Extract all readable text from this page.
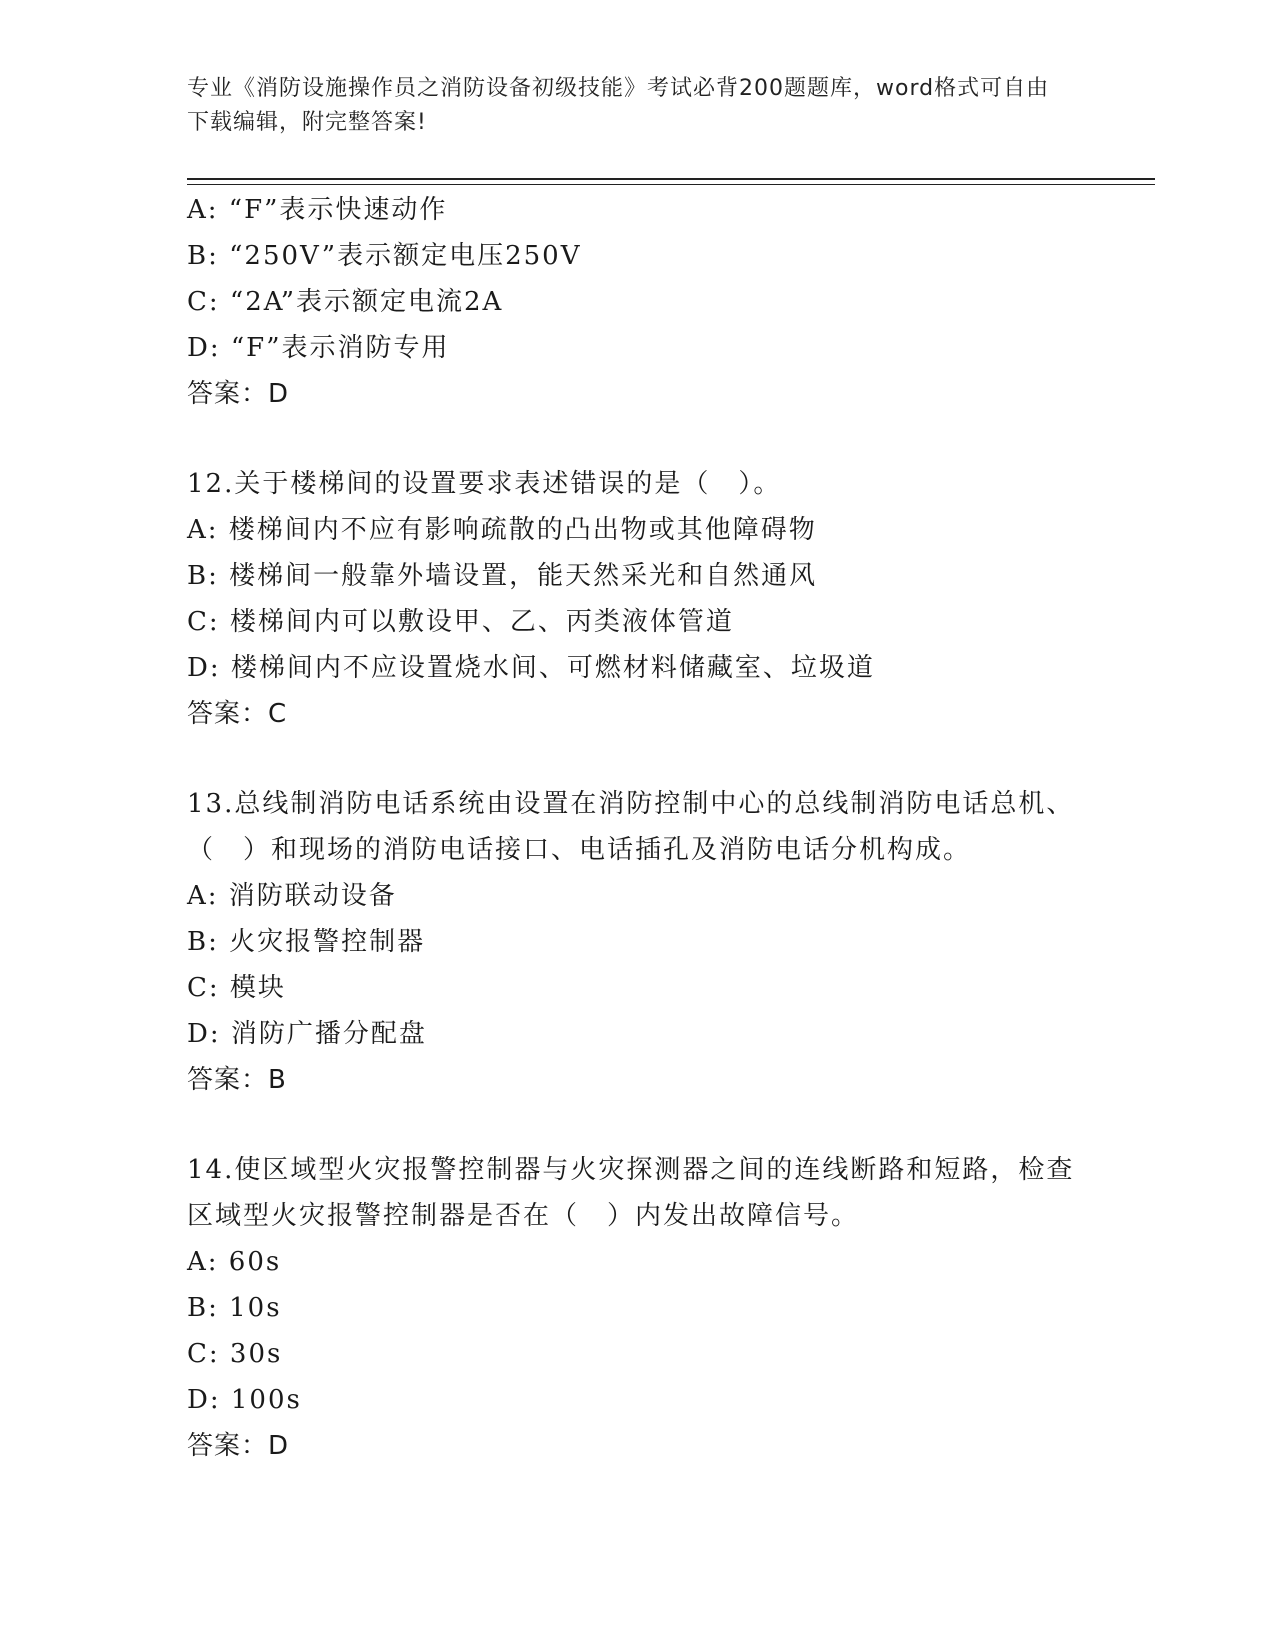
专业《消防设施操作员之消防设备初级技能》考试必背200题题库，word格式可自由下载编辑，附完整答案!
A: “F”表示快速动作
B: “250V”表示额定电压250V
C: “2A”表示额定电流2A
D: “F”表示消防专用
答案：D
12.关于楼梯间的设置要求表述错误的是（　）。
A: 楼梯间内不应有影响疏散的凸出物或其他障碍物
B: 楼梯间一般靠外墙设置，能天然采光和自然通风
C: 楼梯间内可以敷设甲、乙、丙类液体管道
D: 楼梯间内不应设置烧水间、可燃材料储藏室、垃圾道
答案：C
13.总线制消防电话系统由设置在消防控制中心的总线制消防电话总机、（　）和现场的消防电话接口、电话插孔及消防电话分机构成。
A: 消防联动设备
B: 火灾报警控制器
C: 模块
D: 消防广播分配盘
答案：B
14.使区域型火灾报警控制器与火灾探测器之间的连线断路和短路，检查区域型火灾报警控制器是否在（　）内发出故障信号。
A: 60s
B: 10s
C: 30s
D: 100s
答案：D
